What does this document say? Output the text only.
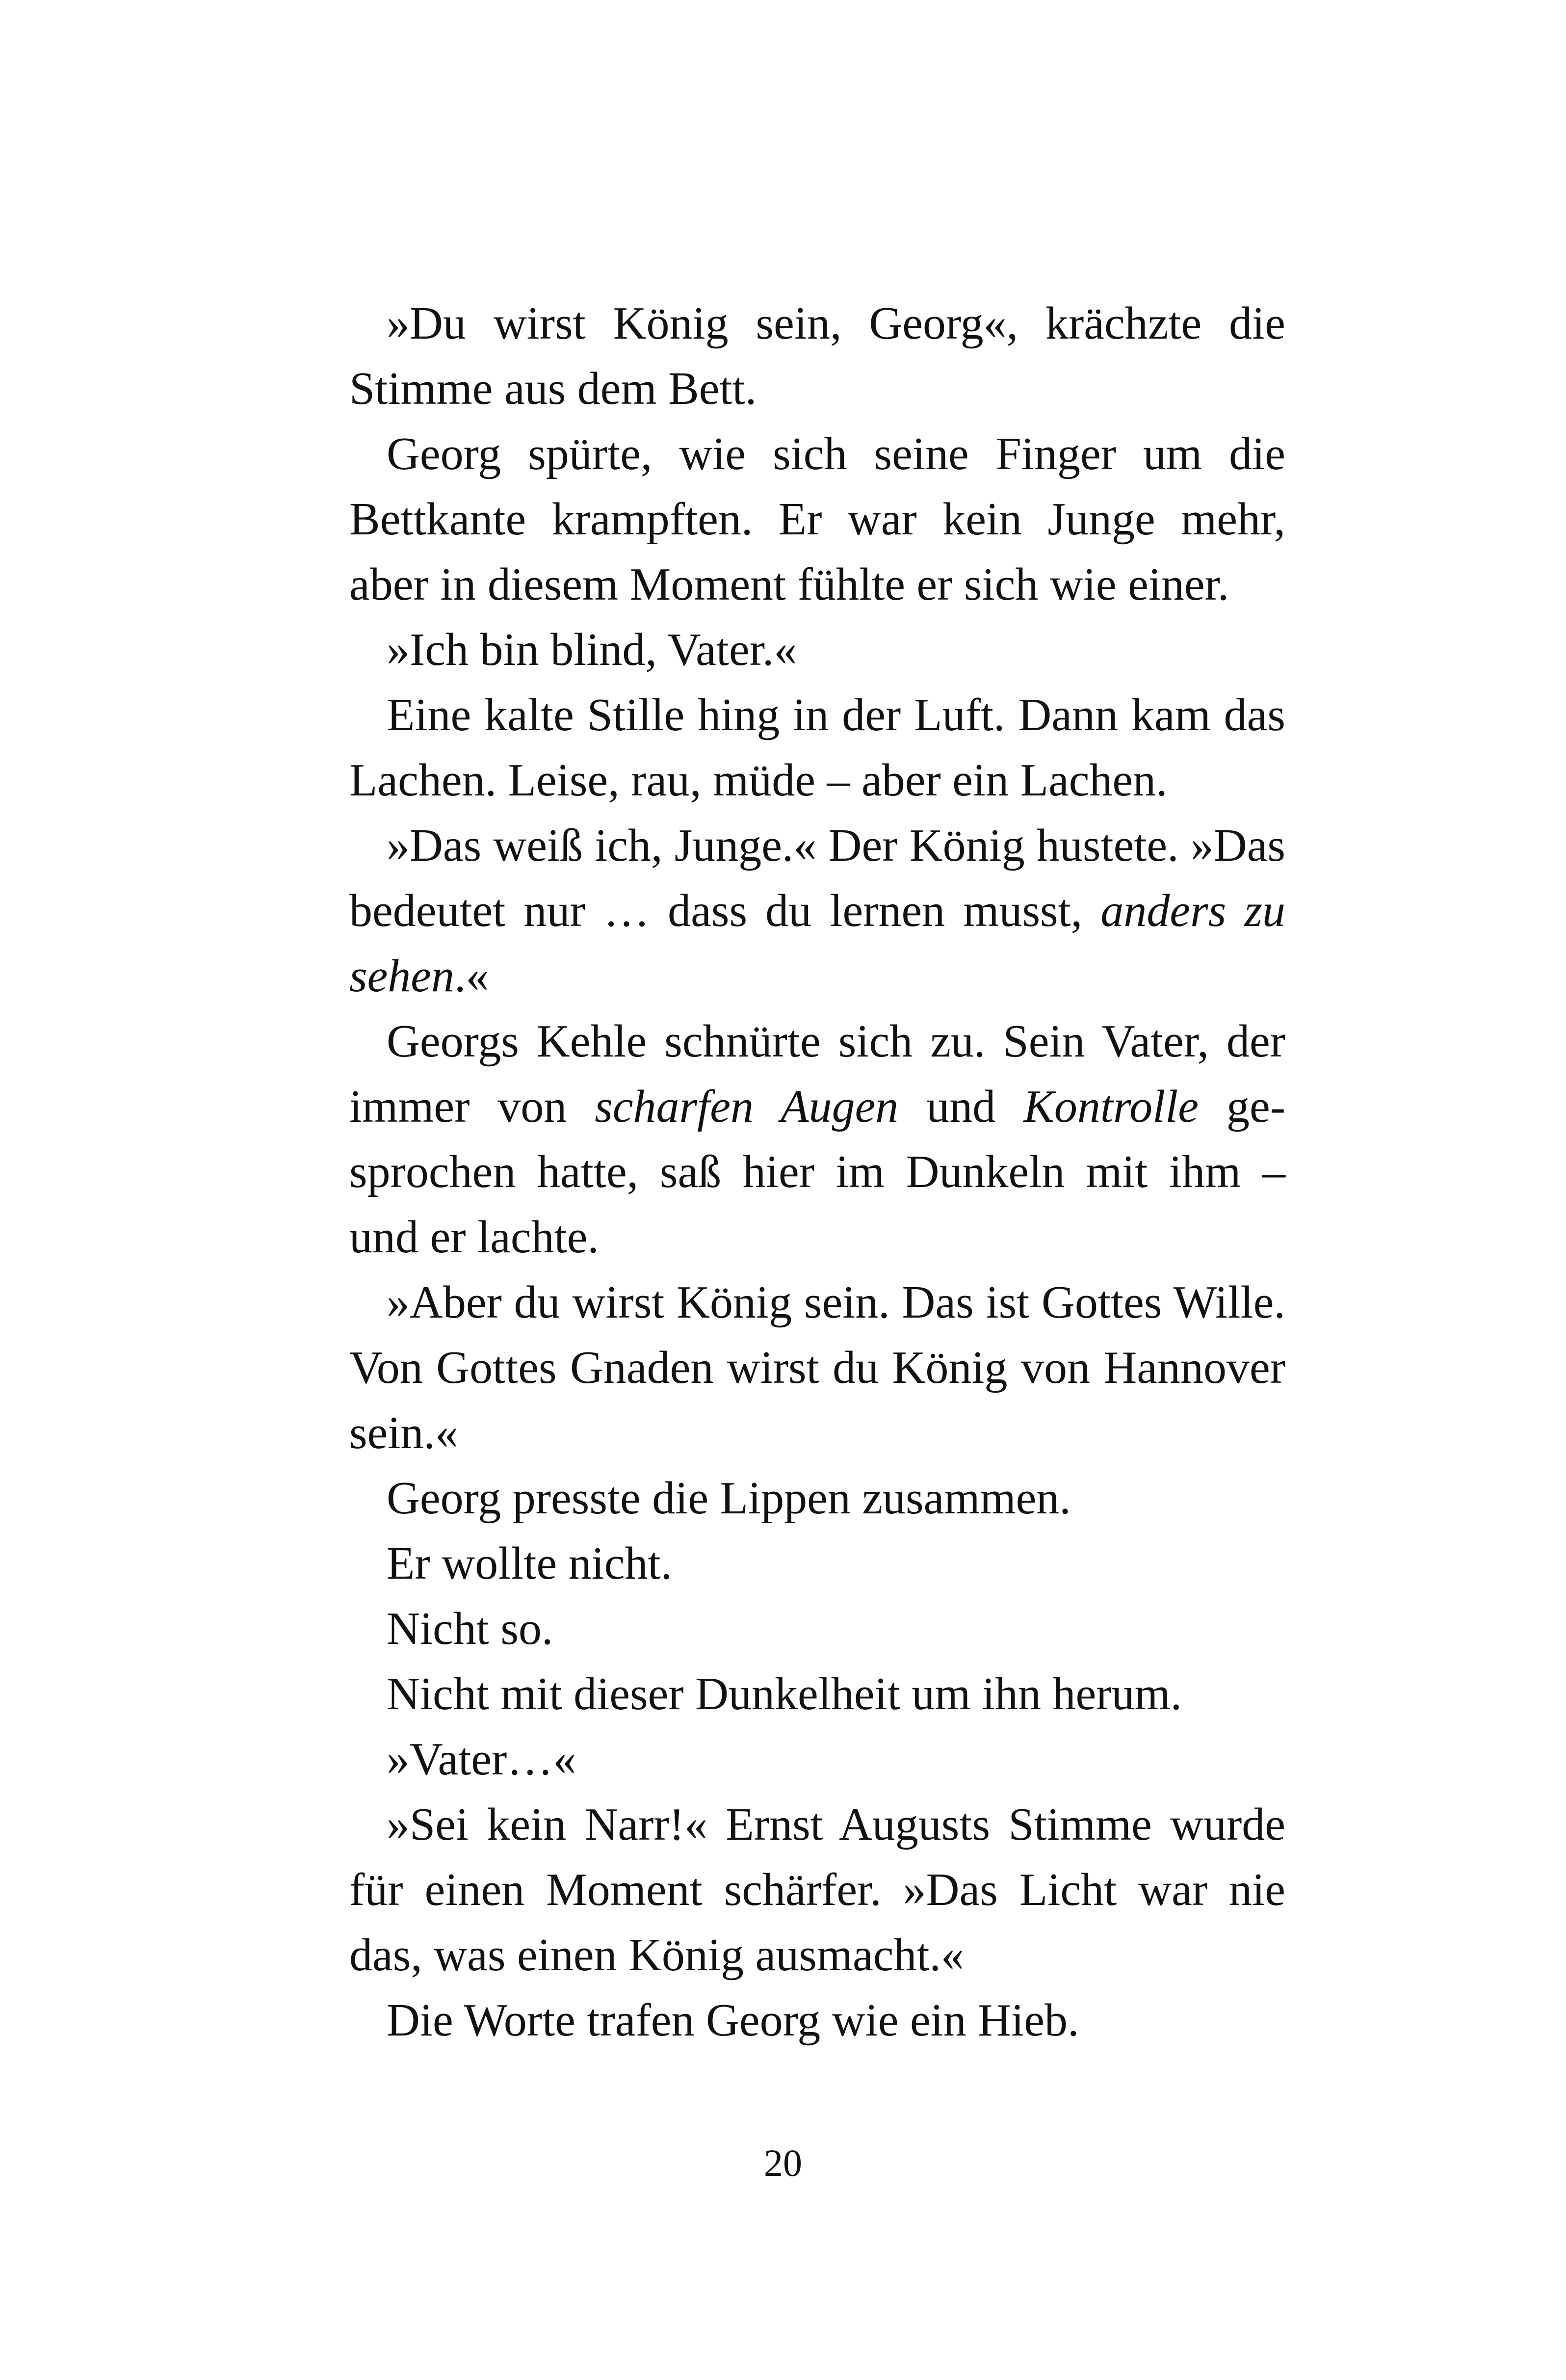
»Du wirst König sein, Georg«, krächzte die Stimme aus dem Bett.

Georg spürte, wie sich seine Finger um die Bettkante krampften. Er war kein Junge mehr, aber in diesem Moment fühlte er sich wie einer.

»Ich bin blind, Vater.«

Eine kalte Stille hing in der Luft. Dann kam das Lachen. Leise, rau, müde – aber ein Lachen.

»Das weiß ich, Junge.« Der König hustete. »Das bedeutet nur … dass du lernen musst, anders zu sehen.«

Georgs Kehle schnürte sich zu. Sein Vater, der immer von scharfen Augen und Kontrolle gesprochen hatte, saß hier im Dunkeln mit ihm – und er lachte.

»Aber du wirst König sein. Das ist Gottes Wille. Von Gottes Gnaden wirst du König von Hannover sein.«

Georg presste die Lippen zusammen.

Er wollte nicht.

Nicht so.

Nicht mit dieser Dunkelheit um ihn herum.

»Vater…«

»Sei kein Narr!« Ernst Augusts Stimme wurde für einen Moment schärfer. »Das Licht war nie das, was einen König ausmacht.«

Die Worte trafen Georg wie ein Hieb.

20
